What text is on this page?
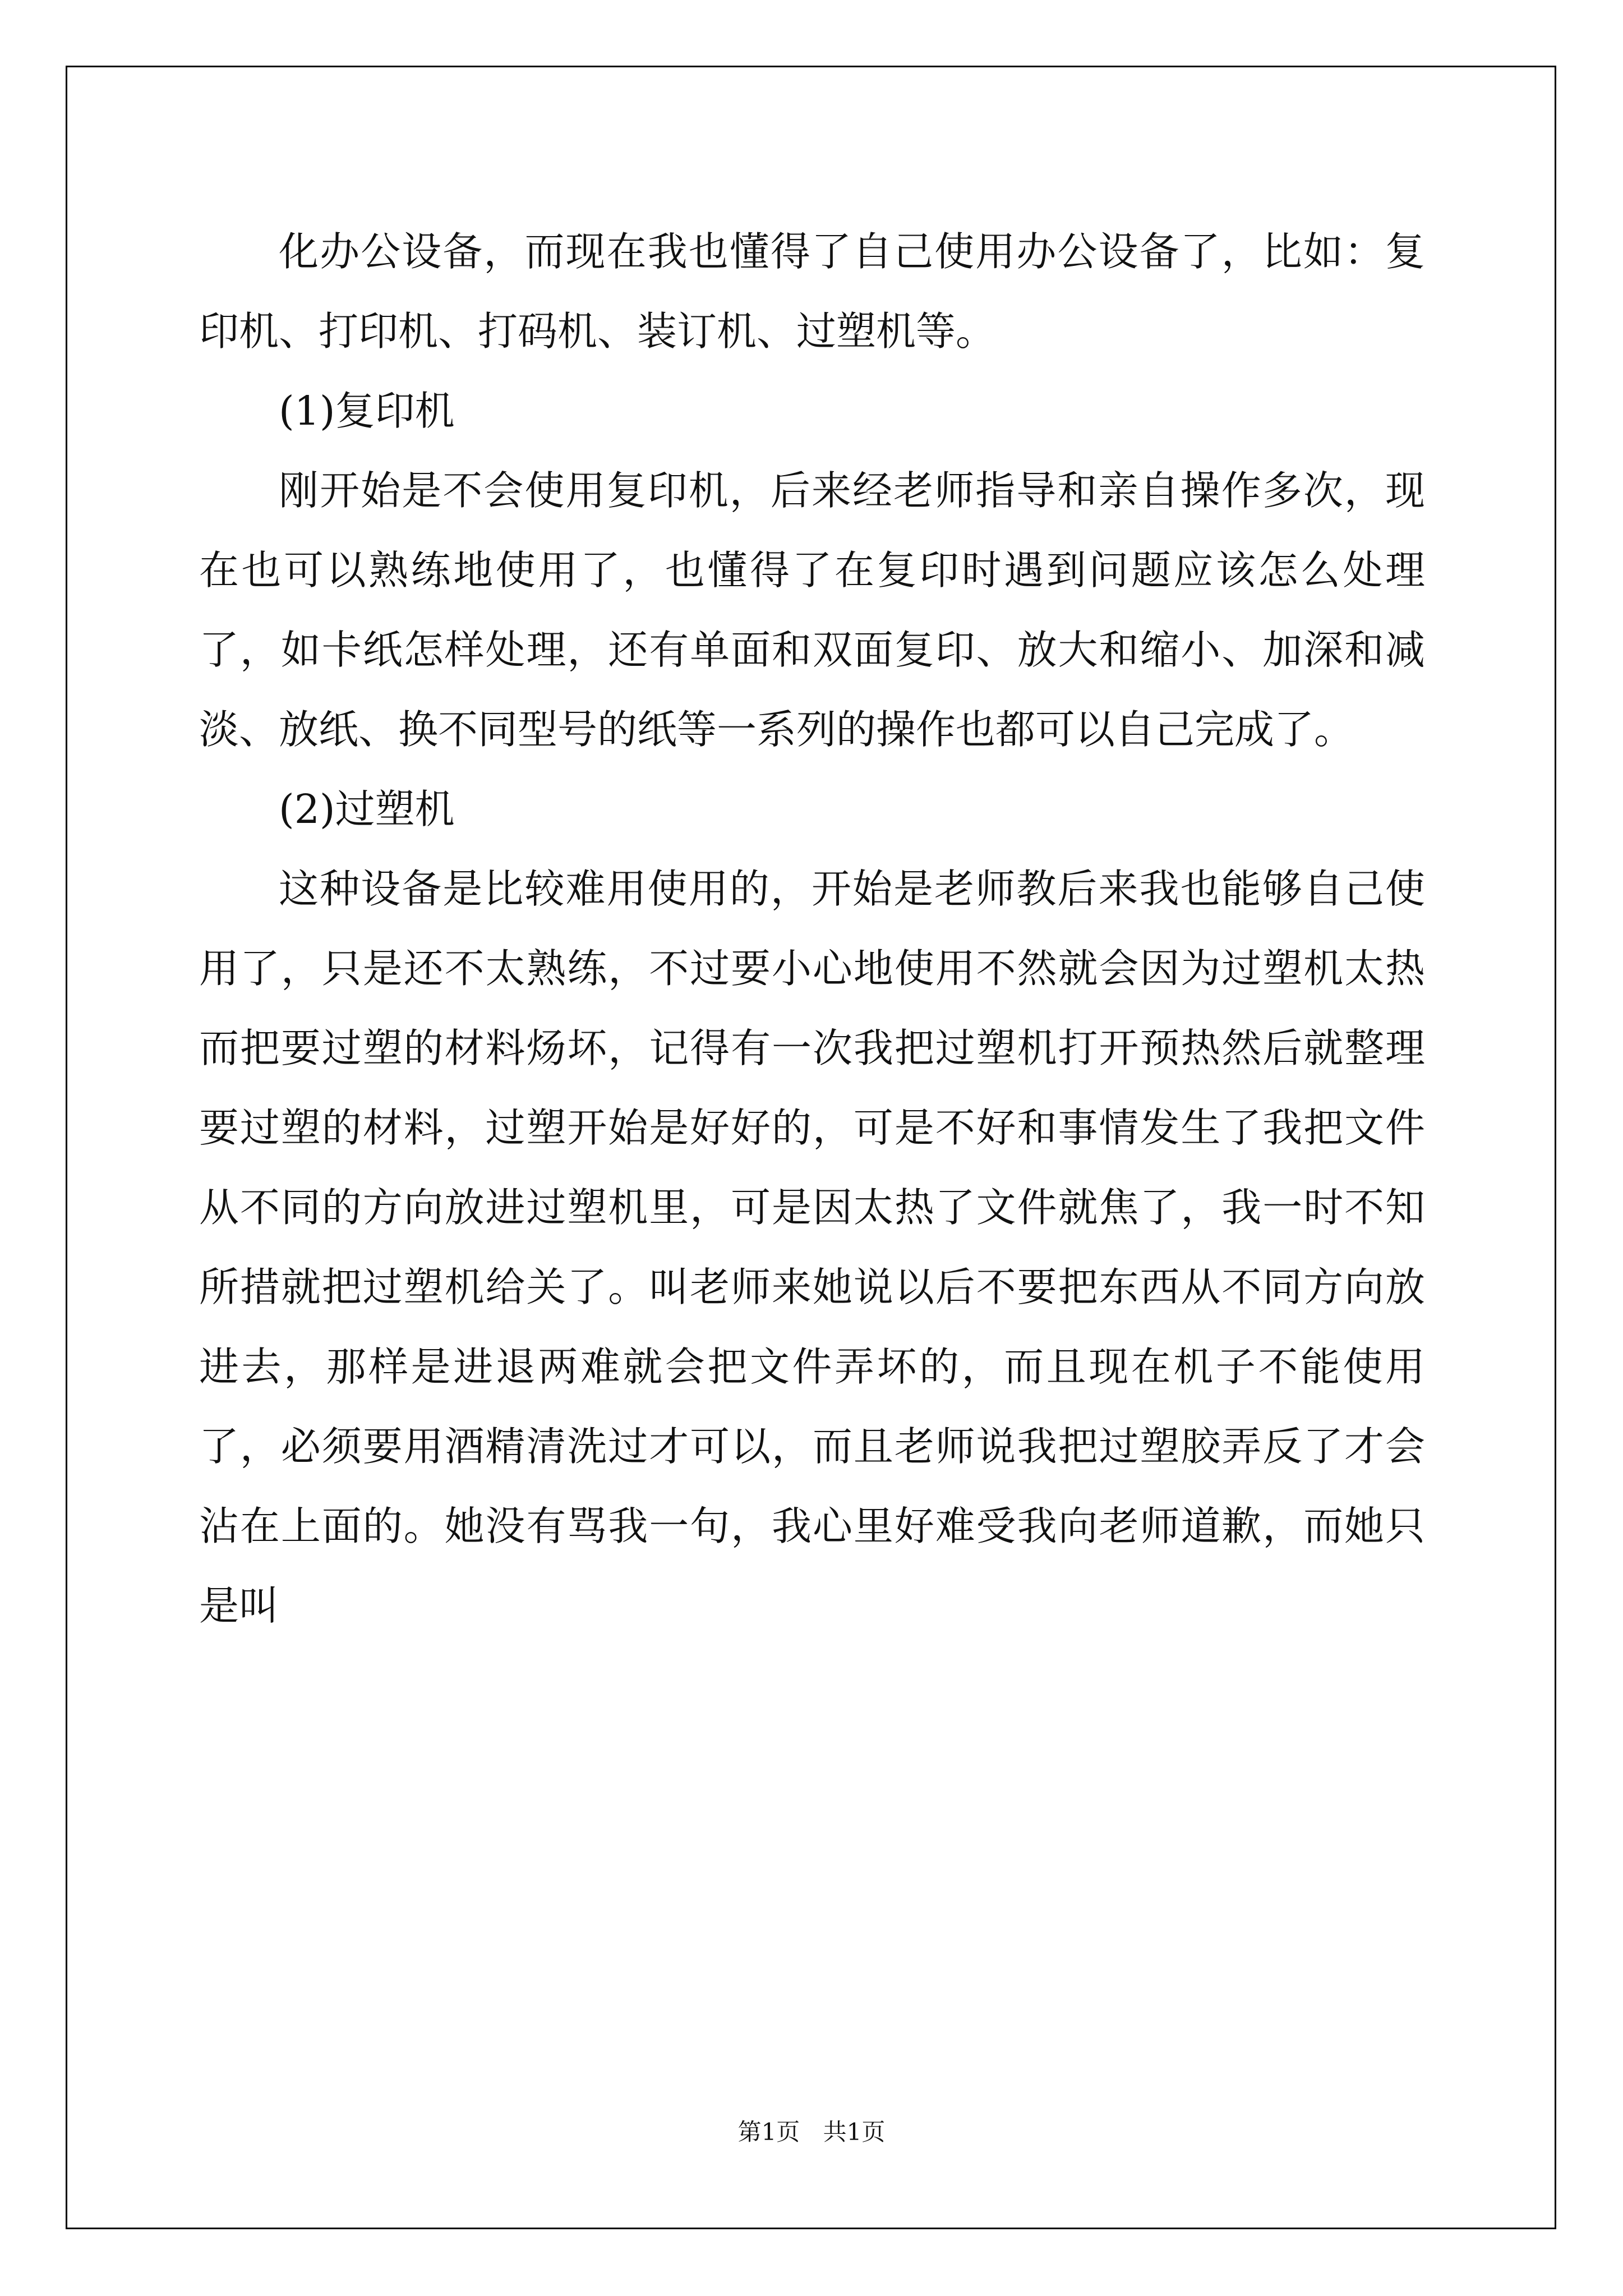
化办公设备，而现在我也懂得了自己使用办公设备了，比如：复印机、打印机、打码机、装订机、过塑机等。

(1)复印机

刚开始是不会使用复印机，后来经老师指导和亲自操作多次，现在也可以熟练地使用了，也懂得了在复印时遇到问题应该怎么处理了，如卡纸怎样处理，还有单面和双面复印、放大和缩小、加深和减淡、放纸、换不同型号的纸等一系列的操作也都可以自己完成了。

(2)过塑机

这种设备是比较难用使用的，开始是老师教后来我也能够自己使用了，只是还不太熟练，不过要小心地使用不然就会因为过塑机太热而把要过塑的材料炀坏，记得有一次我把过塑机打开预热然后就整理要过塑的材料，过塑开始是好好的，可是不好和事情发生了我把文件从不同的方向放进过塑机里，可是因太热了文件就焦了，我一时不知所措就把过塑机给关了。叫老师来她说以后不要把东西从不同方向放进去，那样是进退两难就会把文件弄坏的，而且现在机子不能使用了，必须要用酒精清洗过才可以，而且老师说我把过塑胶弄反了才会沾在上面的。她没有骂我一句，我心里好难受我向老师道歉，而她只是叫

第1页 共1页
